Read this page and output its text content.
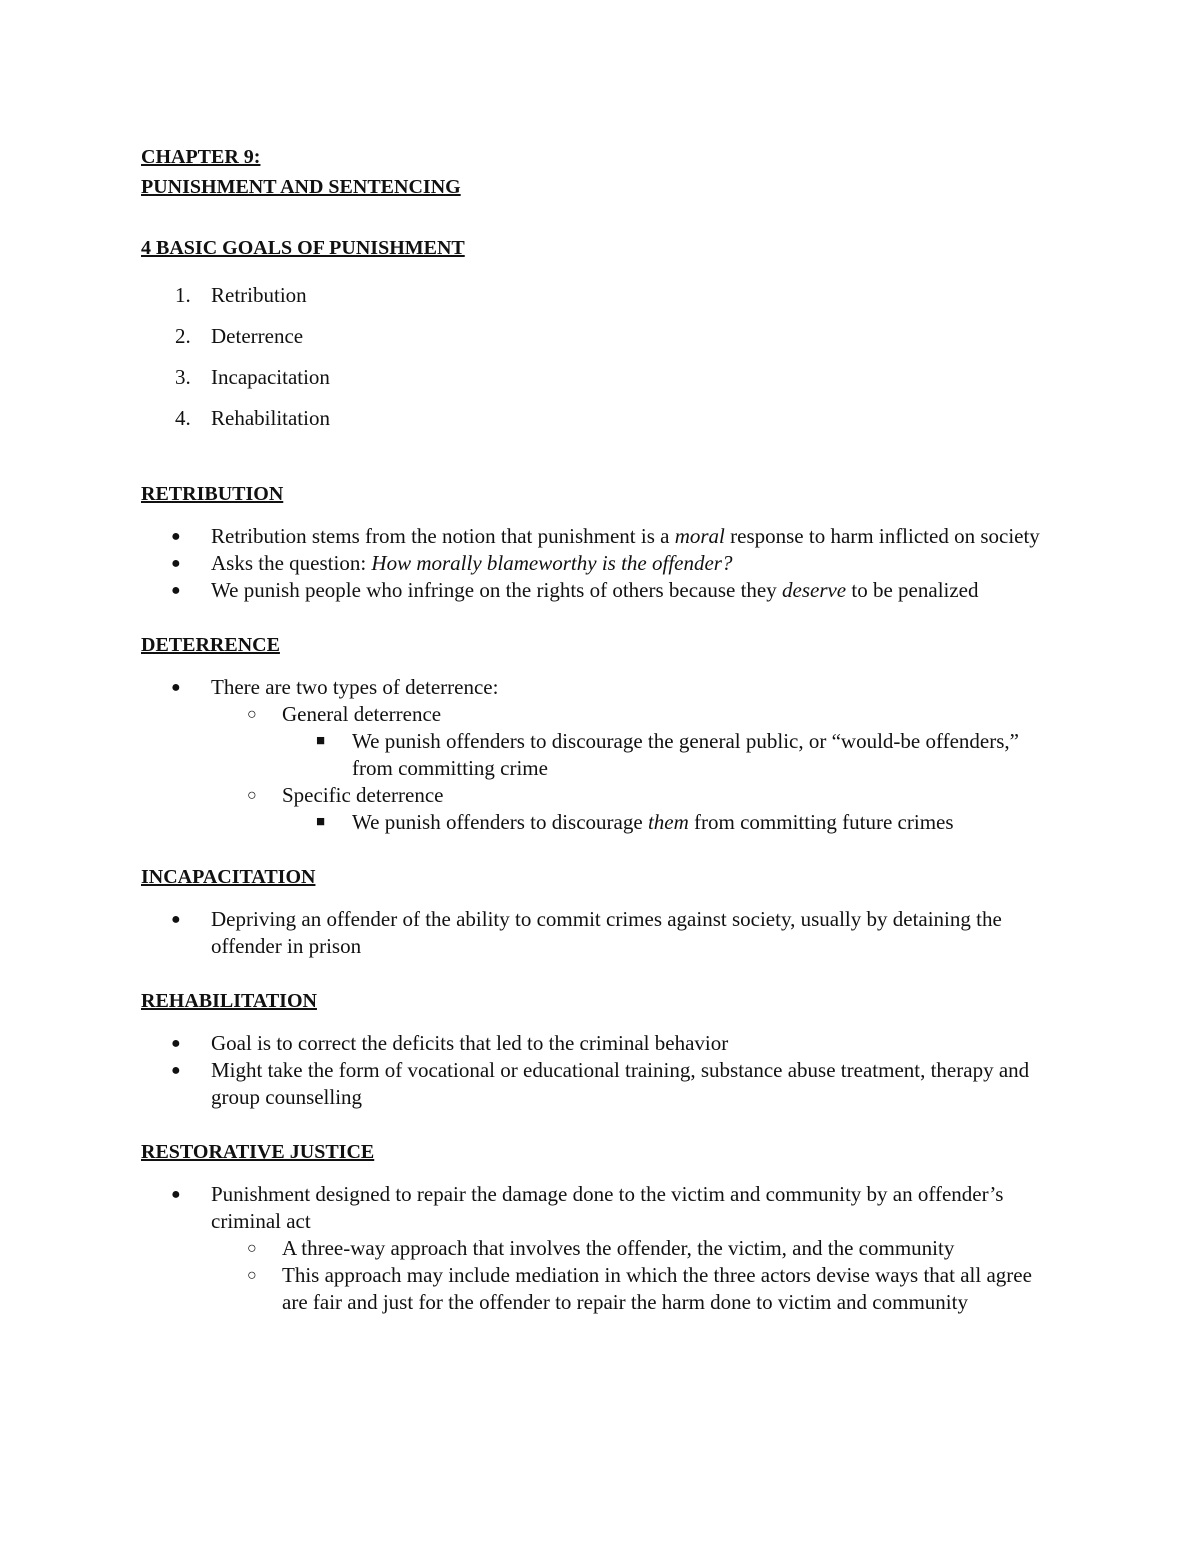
CHAPTER 9:

PUNISHMENT AND SENTENCING

4 BASIC GOALS OF PUNISHMENT

1. Retribution
2. Deterrence
3. Incapacitation
4. Rehabilitation

RETRIBUTION

● Retribution stems from the notion that punishment is a moral response to harm inflicted on society
● Asks the question: How morally blameworthy is the offender?
● We punish people who infringe on the rights of others because they deserve to be penalized

DETERRENCE

● There are two types of deterrence:
○ General deterrence
■ We punish offenders to discourage the general public, or “would-be offenders,” from committing crime
○ Specific deterrence
■ We punish offenders to discourage them from committing future crimes

INCAPACITATION

● Depriving an offender of the ability to commit crimes against society, usually by detaining the offender in prison

REHABILITATION

● Goal is to correct the deficits that led to the criminal behavior
● Might take the form of vocational or educational training, substance abuse treatment, therapy and group counselling

RESTORATIVE JUSTICE

● Punishment designed to repair the damage done to the victim and community by an offender’s criminal act
○ A three-way approach that involves the offender, the victim, and the community
○ This approach may include mediation in which the three actors devise ways that all agree are fair and just for the offender to repair the harm done to victim and community
